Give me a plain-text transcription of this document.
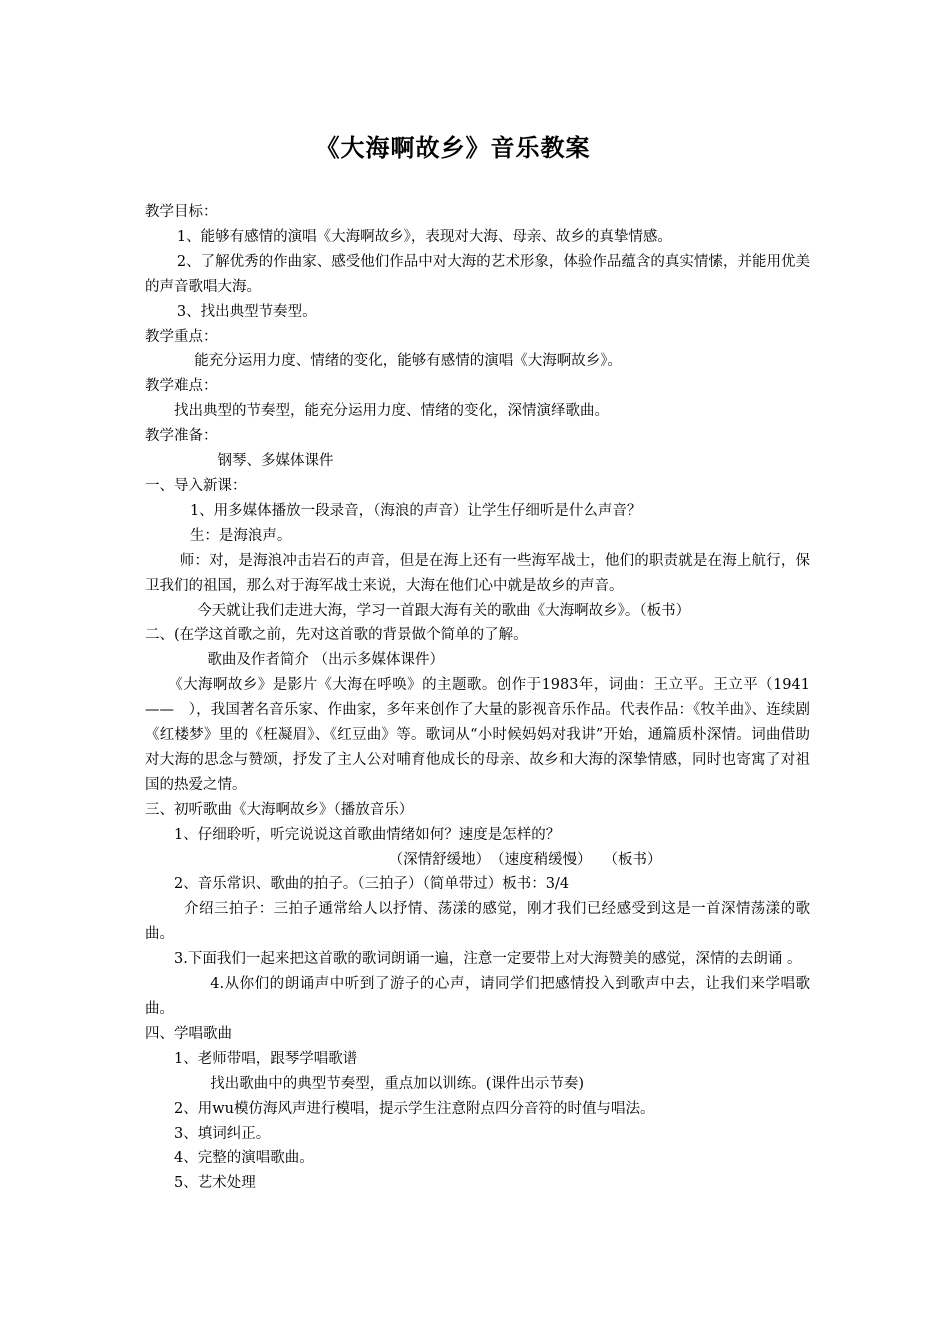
《大海啊故乡》音乐教案

教学目标：

1、能够有感情的演唱《大海啊故乡》，表现对大海、母亲、故乡的真挚情感。

2、了解优秀的作曲家、感受他们作品中对大海的艺术形象，体验作品蕴含的真实情愫，并能用优美的声音歌唱大海。

3、找出典型节奏型。

教学重点：

能充分运用力度、情绪的变化，能够有感情的演唱《大海啊故乡》。

教学难点：

找出典型的节奏型，能充分运用力度、情绪的变化，深情演绎歌曲。

教学准备：

钢琴、多媒体课件

一、导入新课：

1、用多媒体播放一段录音，（海浪的声音）让学生仔细听是什么声音？

生：是海浪声。

师：对，是海浪冲击岩石的声音，但是在海上还有一些海军战士，他们的职责就是在海上航行，保卫我们的祖国，那么对于海军战士来说，大海在他们心中就是故乡的声音。

今天就让我们走进大海，学习一首跟大海有关的歌曲《大海啊故乡》。（板书）

二、(在学这首歌之前，先对这首歌的背景做个简单的了解。

歌曲及作者简介 （出示多媒体课件）

《大海啊故乡》是影片《大海在呼唤》的主题歌。创作于1983年，词曲：王立平。王立平（1941——　），我国著名音乐家、作曲家，多年来创作了大量的影视音乐作品。代表作品：《牧羊曲》、连续剧《红楼梦》里的《枉凝眉》、《红豆曲》等。歌词从“小时候妈妈对我讲”开始，通篇质朴深情。词曲借助对大海的思念与赞颂，抒发了主人公对哺育他成长的母亲、故乡和大海的深挚情感，同时也寄寓了对祖国的热爱之情。

三、初听歌曲《大海啊故乡》（播放音乐）

1、仔细聆听，听完说说这首歌曲情绪如何？速度是怎样的？

（深情舒缓地）　（速度稍缓慢）　 （板书）

2、音乐常识、歌曲的拍子。（三拍子）（简单带过）板书：3/4

介绍三拍子：三拍子通常给人以抒情、荡漾的感觉，刚才我们已经感受到这是一首深情荡漾的歌曲。

3.下面我们一起来把这首歌的歌词朗诵一遍，注意一定要带上对大海赞美的感觉，深情的去朗诵 。

4.从你们的朗诵声中听到了游子的心声，请同学们把感情投入到歌声中去，让我们来学唱歌曲。

四、学唱歌曲

1、老师带唱，跟琴学唱歌谱

找出歌曲中的典型节奏型，重点加以训练。(课件出示节奏)

2、用wu模仿海风声进行模唱，提示学生注意附点四分音符的时值与唱法。

3、填词纠正。

4、完整的演唱歌曲。

5、艺术处理
